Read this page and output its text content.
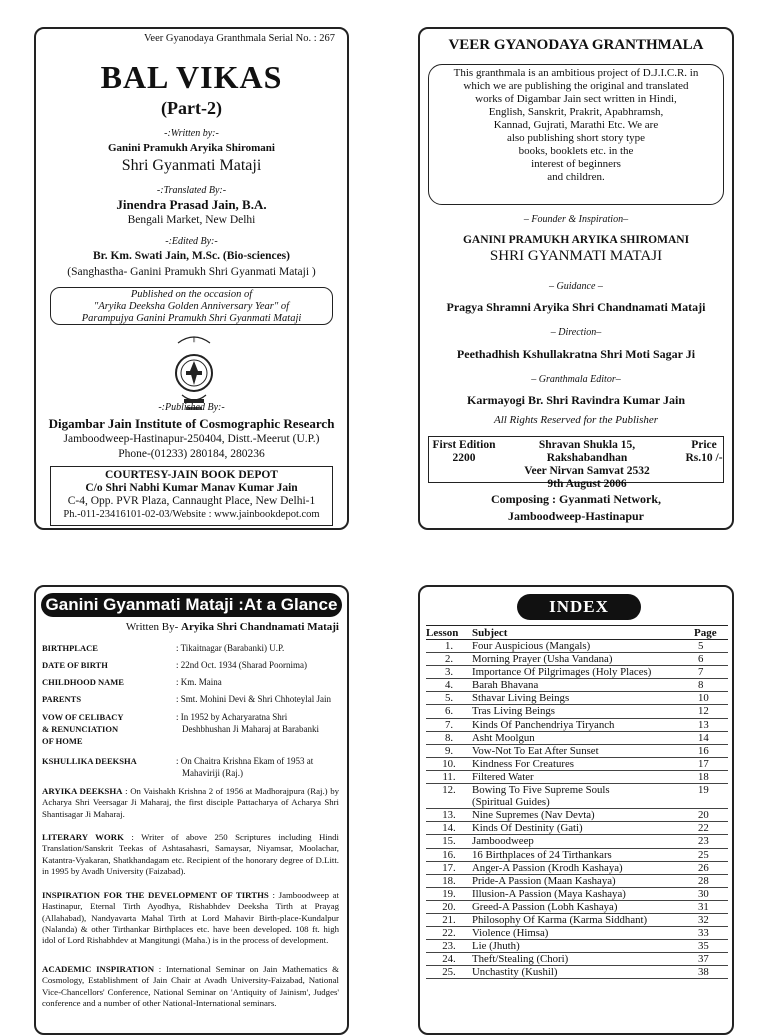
Veer Gyanodaya Granthmala Serial No. : 267
BAL VIKAS
(Part-2)
-:Written by:-
Ganini Pramukh Aryika Shiromani
Shri Gyanmati Mataji
-:Translated By:-
Jinendra Prasad Jain, B.A.
Bengali Market, New Delhi
-:Edited By:-
Br. Km. Swati Jain, M.Sc. (Bio-sciences)
(Sanghastha- Ganini Pramukh Shri Gyanmati Mataji )
Published on the occasion of
"Aryika Deeksha Golden Anniversary Year" of
Parampujya Ganini Pramukh Shri Gyanmati Mataji
||
-:Published By:-
Digambar Jain Institute of Cosmographic Research
Jamboodweep-Hastinapur-250404, Distt.-Meerut (U.P.)
Phone-(01233) 280184, 280236
COURTESY-JAIN BOOK DEPOT
C/o Shri Nabhi Kumar Manav Kumar Jain
C-4, Opp. PVR Plaza, Cannaught Place, New Delhi-1
Ph.-011-23416101-02-03/Website : www.jainbookdepot.com
VEER GYANODAYA GRANTHMALA
This granthmala is an ambitious project of D.J.I.C.R. in
which we are publishing the original and translated
works of Digambar Jain sect written in Hindi,
English, Sanskrit, Prakrit, Apabhramsh,
Kannad, Gujrati, Marathi Etc. We are
also publishing short story type
books, booklets etc. in the
interest of beginners
and children.
– Founder & Inspiration–
GANINI PRAMUKH ARYIKA SHIROMANI
SHRI GYANMATI MATAJI
– Guidance –
Pragya Shramni Aryika Shri Chandnamati Mataji
– Direction–
Peethadhish Kshullakratna Shri Moti Sagar Ji
– Granthmala Editor–
Karmayogi Br. Shri Ravindra Kumar Jain
All Rights Reserved for the Publisher
First Edition
2200
Shravan Shukla 15, Rakshabandhan
Veer Nirvan Samvat 2532
9th August 2006
Price
Rs.10 /-
Composing : Gyanmati Network,
Jamboodweep-Hastinapur
Ganini Gyanmati Mataji :At a Glance
Written By- Aryika Shri Chandnamati Mataji
BIRTHPLACE	: Tikaitnagar (Barabanki) U.P.
DATE OF BIRTH	: 22nd Oct. 1934 (Sharad Poornima)
CHILDHOOD NAME	: Km. Maina
PARENTS	: Smt. Mohini Devi & Shri Chhoteylal Jain
VOW OF CELIBACY
& RENUNCIATION
OF HOME
: In 1952 by Acharyaratna Shri
Deshbhushan Ji Maharaj at Barabanki
KSHULLIKA DEEKSHA	: On Chaitra Krishna Ekam of 1953 at
Mahaviriji (Raj.)
ARYIKA DEEKSHA : On Vaishakh Krishna 2 of 1956 at Madhorajpura (Raj.) by Acharya Shri Veersagar Ji Maharaj, the first disciple Pattacharya of Acharya Shri Shantisagar Ji Maharaj.
LITERARY WORK : Writer of above 250 Scriptures including Hindi Translation/Sanskrit Teekas of Ashtasahasri, Samaysar, Niyamsar, Moolachar, Katantra-Vyakaran, Shatkhandagam etc. Recipient of the honorary degree of D.Litt. in 1995 by Avadh University (Faizabad).
INSPIRATION FOR THE DEVELOPMENT OF TIRTHS : Jamboodweep at Hastinapur, Eternal Tirth Ayodhya, Rishabhdev Deeksha Tirth at Prayag (Allahabad), Nandyavarta Mahal Tirth at Lord Mahavir Birth-place-Kundalpur (Nalanda) & other Tirthankar Birthplaces etc. have been developed. 108 ft. high idol of Lord Rishabhdev at Mangitungi (Maha.) is in the process of development.
ACADEMIC INSPIRATION : International Seminar on Jain Mathematics & Cosmology, Establishment of Jain Chair at Avadh University-Faizabad, National Vice-Chancellors' Conference, National Seminar on 'Antiquity of Jainism', Judges' conference and a number of other National-International seminars.
INDEX
Lesson	Subject	Page
1.	Four Auspicious (Mangals)	5
2.	Morning Prayer (Usha Vandana)	6
3.	Importance Of Pilgrimages (Holy Places)	7
4.	Barah Bhavana	8
5.	Sthavar Living Beings	10
6.	Tras Living Beings	12
7.	Kinds Of Panchendriya Tiryanch	13
8.	Asht Moolgun	14
9.	Vow-Not To Eat After Sunset	16
10.	Kindness For Creatures	17
11.	Filtered Water	18
12.	Bowing To Five Supreme Souls
(Spiritual Guides)	19
13.	Nine Supremes (Nav Devta)	20
14.	Kinds Of Destinity (Gati)	22
15.	Jamboodweep	23
16.	16 Birthplaces of 24 Tirthankars	25
17.	Anger-A Passion (Krodh Kashaya)	26
18.	Pride-A Passion (Maan Kashaya)	28
19.	Illusion-A Passion (Maya Kashaya)	30
20.	Greed-A Passion (Lobh Kashaya)	31
21.	Philosophy Of Karma (Karma Siddhant)	32
22.	Violence (Himsa)	33
23.	Lie (Jhuth)	35
24.	Theft/Stealing (Chori)	37
25.	Unchastity (Kushil)	38
